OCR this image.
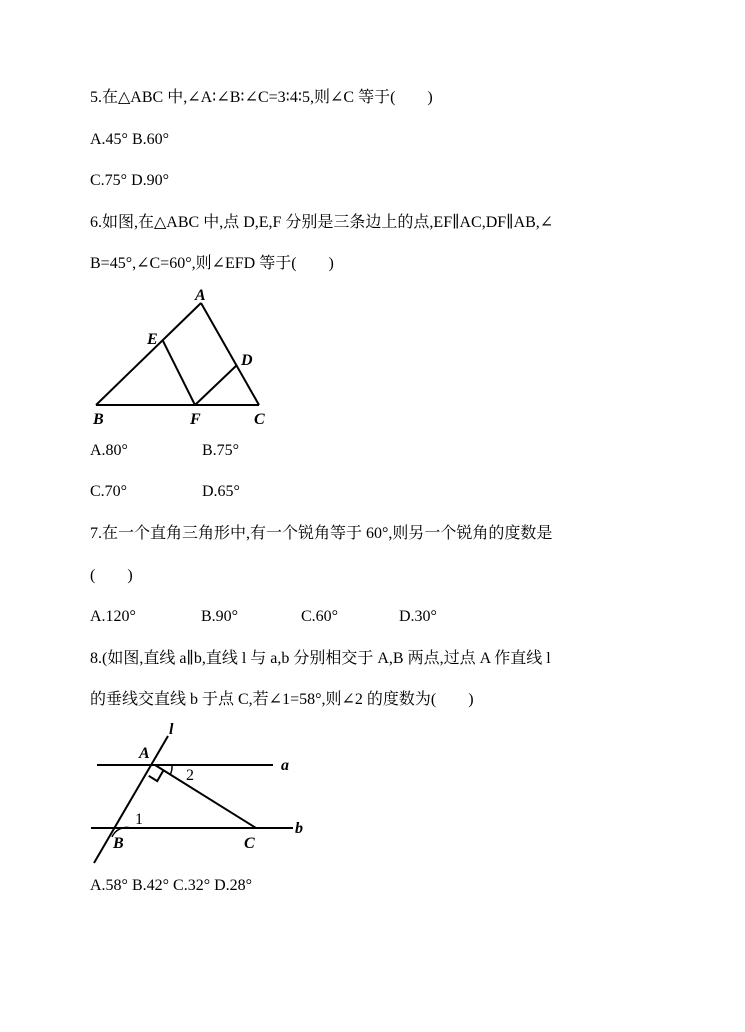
5.在△ABC 中,∠A∶∠B∶∠C=3∶4∶5,则∠C 等于(　　)
A.45° B.60°
C.75° D.90°
6.如图,在△ABC 中,点 D,E,F 分别是三条边上的点,EF∥AC,DF∥AB,∠
B=45°,∠C=60°,则∠EFD 等于(　　)
A
E
D
B	F	C
A.80°	B.75°
C.70°	D.65°
7.在一个直角三角形中,有一个锐角等于 60°,则另一个锐角的度数是
(　　)
A.120°	B.90°	C.60°	D.30°
8.(如图,直线 a∥b,直线 l 与 a,b 分别相交于 A,B 两点,过点 A 作直线 l
的垂线交直线 b 于点 C,若∠1=58°,则∠2 的度数为(　　)
l
A
a
2
1
b
B	C
A.58° B.42° C.32° D.28°
